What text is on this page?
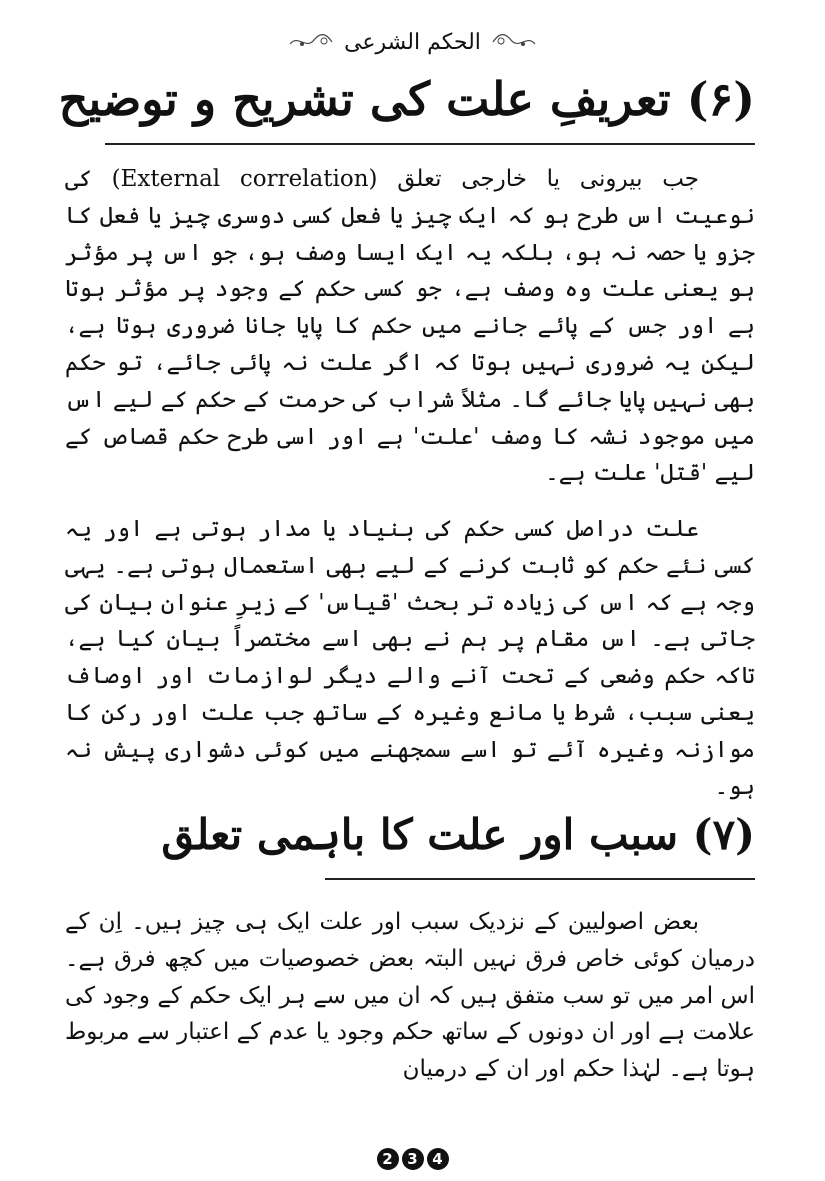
الحکم الشرعی
(۶) تعریفِ علت کی تشریح و توضیح

جب بیرونی یا خارجی تعلق (External correlation) کی نوعیت اس طرح ہو کہ ایک چیز یا فعل کسی دوسری چیز یا فعل کا جزو یا حصہ نہ ہو، بلکہ یہ ایک ایسا وصف ہو، جو اس پر مؤثر ہو یعنی علت وہ وصف ہے، جو کسی حکم کے وجود پر مؤثر ہوتا ہے اور جس کے پائے جانے میں حکم کا پایا جانا ضروری ہوتا ہے، لیکن یہ ضروری نہیں ہوتا کہ اگر علت نہ پائی جائے، تو حکم بھی نہیں پایا جائے گا۔ مثلاً شراب کی حرمت کے حکم کے لیے اس میں موجود نشہ کا وصف 'علت' ہے اور اسی طرح حکم قصاص کے لیے 'قتل' علت ہے۔

علت دراصل کسی حکم کی بنیاد یا مدار ہوتی ہے اور یہ کسی نئے حکم کو ثابت کرنے کے لیے بھی استعمال ہوتی ہے۔ یہی وجہ ہے کہ اس کی زیادہ تر بحث 'قیاس' کے زیرِ عنوان بیان کی جاتی ہے۔ اس مقام پر ہم نے بھی اسے مختصراً بیان کیا ہے، تاکہ حکم وضعی کے تحت آنے والے دیگر لوازمات اور اوصاف یعنی سبب، شرط یا مانع وغیرہ کے ساتھ جب علت اور رکن کا موازنہ وغیرہ آئے تو اسے سمجھنے میں کوئی دشواری پیش نہ ہو۔

(۷) سبب اور علت کا باہمی تعلق

بعض اصولیین کے نزدیک سبب اور علت ایک ہی چیز ہیں۔ اِن کے درمیان کوئی خاص فرق نہیں البتہ بعض خصوصیات میں کچھ فرق ہے۔ اس امر میں تو سب متفق ہیں کہ ان میں سے ہر ایک حکم کے وجود کی علامت ہے اور ان دونوں کے ساتھ حکم وجود یا عدم کے اعتبار سے مربوط ہوتا ہے۔ لہٰذا حکم اور ان کے درمیان

2 3 4
